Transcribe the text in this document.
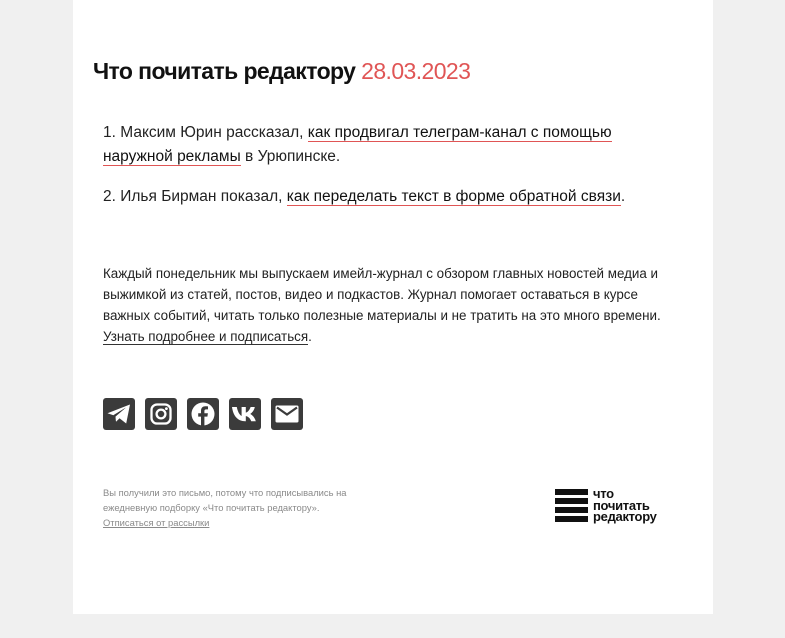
Что почитать редактору 28.03.2023

1. Максим Юрин рассказал, как продвигал телеграм-канал с помощью наружной рекламы в Урюпинске.

2. Илья Бирман показал, как переделать текст в форме обратной связи.

Каждый понедельник мы выпускаем имейл-журнал с обзором главных новостей медиа и выжимкой из статей, постов, видео и подкастов. Журнал помогает оставаться в курсе важных событий, читать только полезные материалы и не тратить на это много времени. Узнать подробнее и подписаться.

Вы получили это письмо, потому что подписывались на ежедневную подборку «Что почитать редактору».
Отписаться от рассылки

что
почитать
редактору
